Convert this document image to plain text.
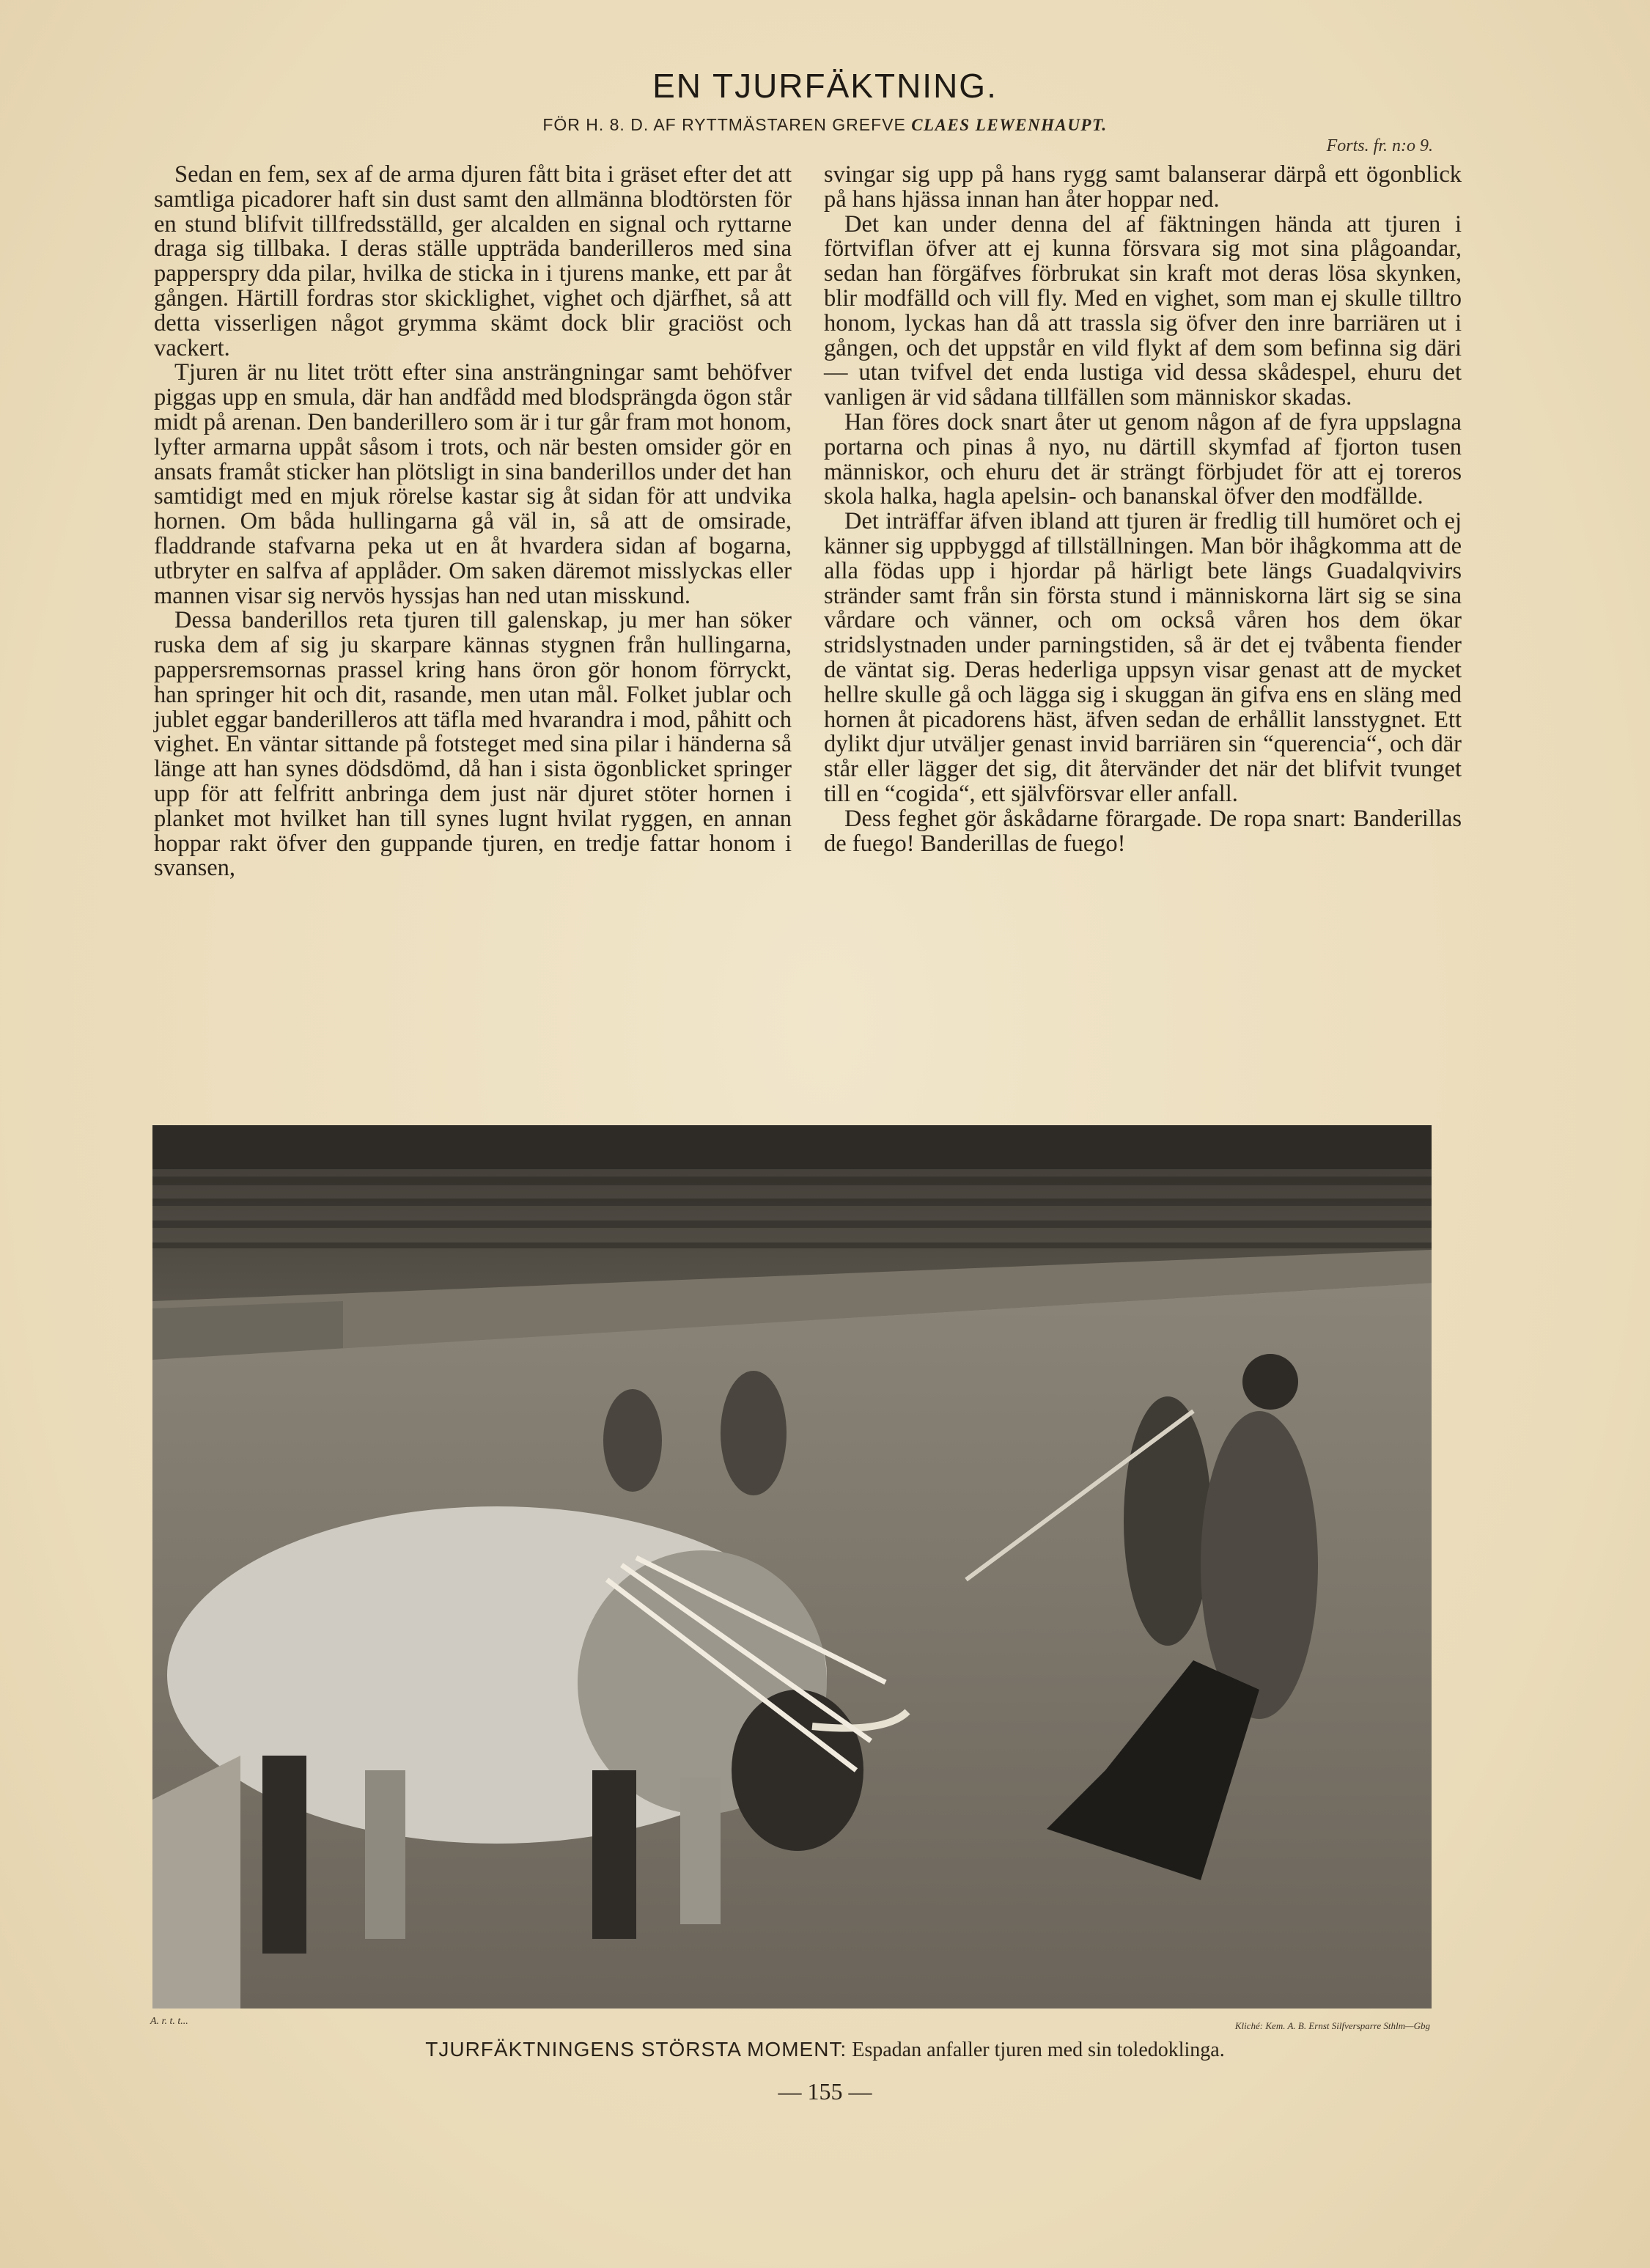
EN TJURFÄKTNING.
FÖR H. 8. D. AF RYTTMÄSTAREN GREFVE CLAES LEWENHAUPT.
Forts. fr. n:o 9.

Sedan en fem, sex af de arma djuren fått bita i gräset efter det att samtliga picadorer haft sin dust samt den allmänna blodtörsten för en stund blifvit tillfredsställd, ger alcalden en signal och ryttarne draga sig tillbaka. I deras ställe uppträda banderilleros med sina papperspry dda pilar, hvilka de sticka in i tjurens manke, ett par åt gången. Härtill fordras stor skicklighet, vighet och djärfhet, så att detta visserligen något grymma skämt dock blir graciöst och vackert.

Tjuren är nu litet trött efter sina ansträngningar samt behöfver piggas upp en smula, där han andfådd med blodsprängda ögon står midt på arenan. Den banderillero som är i tur går fram mot honom, lyfter armarna uppåt såsom i trots, och när besten omsider gör en ansats framåt sticker han plötsligt in sina banderillos under det han samtidigt med en mjuk rörelse kastar sig åt sidan för att undvika hornen. Om båda hullingarna gå väl in, så att de omsirade, fladdrande stafvarna peka ut en åt hvardera sidan af bogarna, utbryter en salfva af applåder. Om saken däremot misslyckas eller mannen visar sig nervös hyssjas han ned utan misskund.

Dessa banderillos reta tjuren till galenskap, ju mer han söker ruska dem af sig ju skarpare kännas stygnen från hullingarna, pappersremsornas prassel kring hans öron gör honom förryckt, han springer hit och dit, rasande, men utan mål. Folket jublar och jublet eggar banderilleros att täfla med hvarandra i mod, påhitt och vighet. En väntar sittande på fotsteget med sina pilar i händerna så länge att han synes dödsdömd, då han i sista ögonblicket springer upp för att felfritt anbringa dem just när djuret stöter hornen i planket mot hvilket han till synes lugnt hvilat ryggen, en annan hoppar rakt öfver den guppande tjuren, en tredje fattar honom i svansen,

svingar sig upp på hans rygg samt balanserar därpå ett ögonblick på hans hjässa innan han åter hoppar ned.

Det kan under denna del af fäktningen hända att tjuren i förtviflan öfver att ej kunna försvara sig mot sina plågoandar, sedan han förgäfves förbrukat sin kraft mot deras lösa skynken, blir modfälld och vill fly. Med en vighet, som man ej skulle tilltro honom, lyckas han då att trassla sig öfver den inre barriären ut i gången, och det uppstår en vild flykt af dem som befinna sig däri — utan tvifvel det enda lustiga vid dessa skådespel, ehuru det vanligen är vid sådana tillfällen som människor skadas.

Han föres dock snart åter ut genom någon af de fyra uppslagna portarna och pinas å nyo, nu därtill skymfad af fjorton tusen människor, och ehuru det är strängt förbjudet för att ej toreros skola halka, hagla apelsin- och bananskal öfver den modfällde.

Det inträffar äfven ibland att tjuren är fredlig till humöret och ej känner sig uppbyggd af tillställningen. Man bör ihågkomma att de alla födas upp i hjordar på härligt bete längs Guadalqvivirs stränder samt från sin första stund i människorna lärt sig se sina vårdare och vänner, och om också våren hos dem ökar stridslystnaden under parningstiden, så är det ej tvåbenta fiender de väntat sig. Deras hederliga uppsyn visar genast att de mycket hellre skulle gå och lägga sig i skuggan än gifva ens en släng med hornen åt picadorens häst, äfven sedan de erhållit lansstygnet. Ett dylikt djur utväljer genast invid barriären sin “querencia“, och där står eller lägger det sig, dit återvänder det när det blifvit tvunget till en “cogida“, ett självförsvar eller anfall.

Dess feghet gör åskådarne förargade. De ropa snart: Banderillas de fuego! Banderillas de fuego!

A. r. t. t...	Kliché: Kem. A. B. Ernst Silfversparre Sthlm—Gbg
TJURFÄKTNINGENS STÖRSTA MOMENT: Espadan anfaller tjuren med sin toledoklinga.
— 155 —
